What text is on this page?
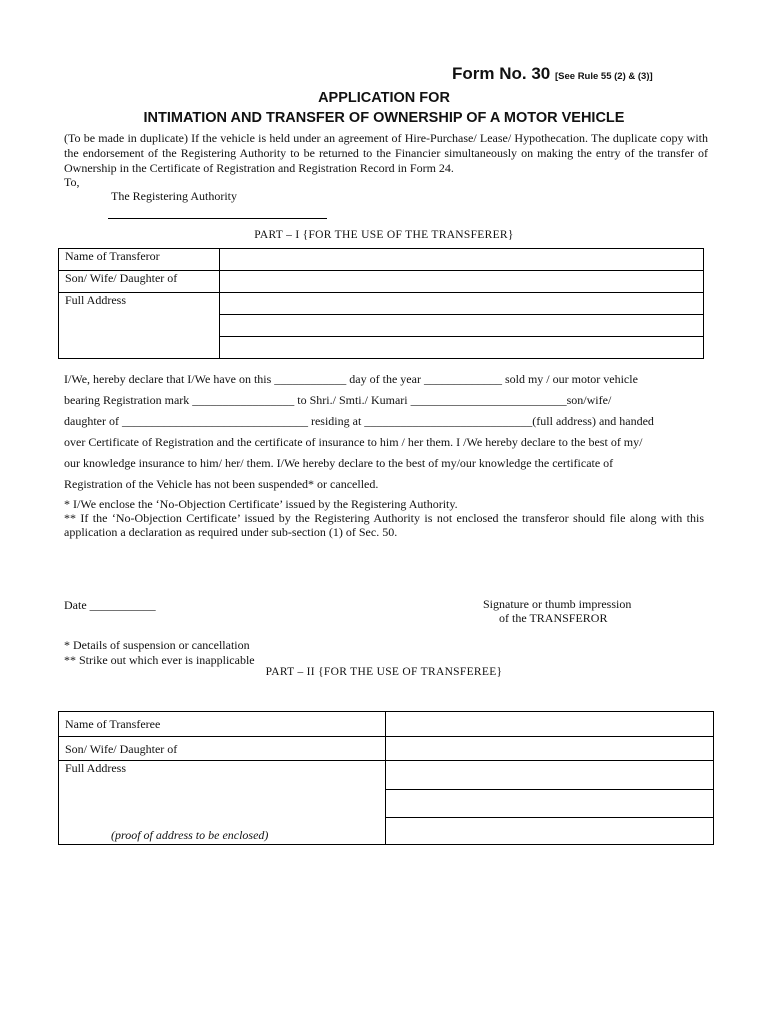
Form No. 30 [See Rule 55 (2) & (3)]
APPLICATION FOR
INTIMATION AND TRANSFER OF OWNERSHIP OF A MOTOR VEHICLE
(To be made in duplicate) If the vehicle is held under an agreement of Hire-Purchase/ Lease/ Hypothecation. The duplicate copy with the endorsement of the Registering Authority to be returned to the Financier simultaneously on making the entry of the transfer of Ownership in the Certificate of Registration and Registration Record in Form 24.
To,
The Registering Authority
PART – I {FOR THE USE OF THE TRANSFERER}
Name of Transferor	
Son/ Wife/ Daughter of	
Full Address	

I/We, hereby declare that I/We have on this ____________ day of the year _____________ sold my / our motor vehicle
bearing Registration mark _________________ to Shri./ Smti./ Kumari __________________________son/wife/
daughter of _______________________________ residing at ____________________________(full address) and handed
over Certificate of Registration and the certificate of insurance to him / her them. I /We hereby declare to the best of my/
our knowledge insurance to him/ her/ them. I/We hereby declare to the best of my/our knowledge the certificate of
Registration of the Vehicle has not been suspended* or cancelled.
* I/We enclose the ‘No-Objection Certificate’ issued by the Registering Authority.
** If the ‘No-Objection Certificate’ issued by the Registering Authority is not enclosed the transferor should file along with this application a declaration as required under sub-section (1) of Sec. 50.
Date ___________	Signature or thumb impression
of the TRANSFEROR
* Details of suspension or cancellation
** Strike out which ever is inapplicable
PART – II {FOR THE USE OF TRANSFEREE}
Name of Transferee	
Son/ Wife/ Daughter of	

Full Address
(proof of address to be enclosed)	
